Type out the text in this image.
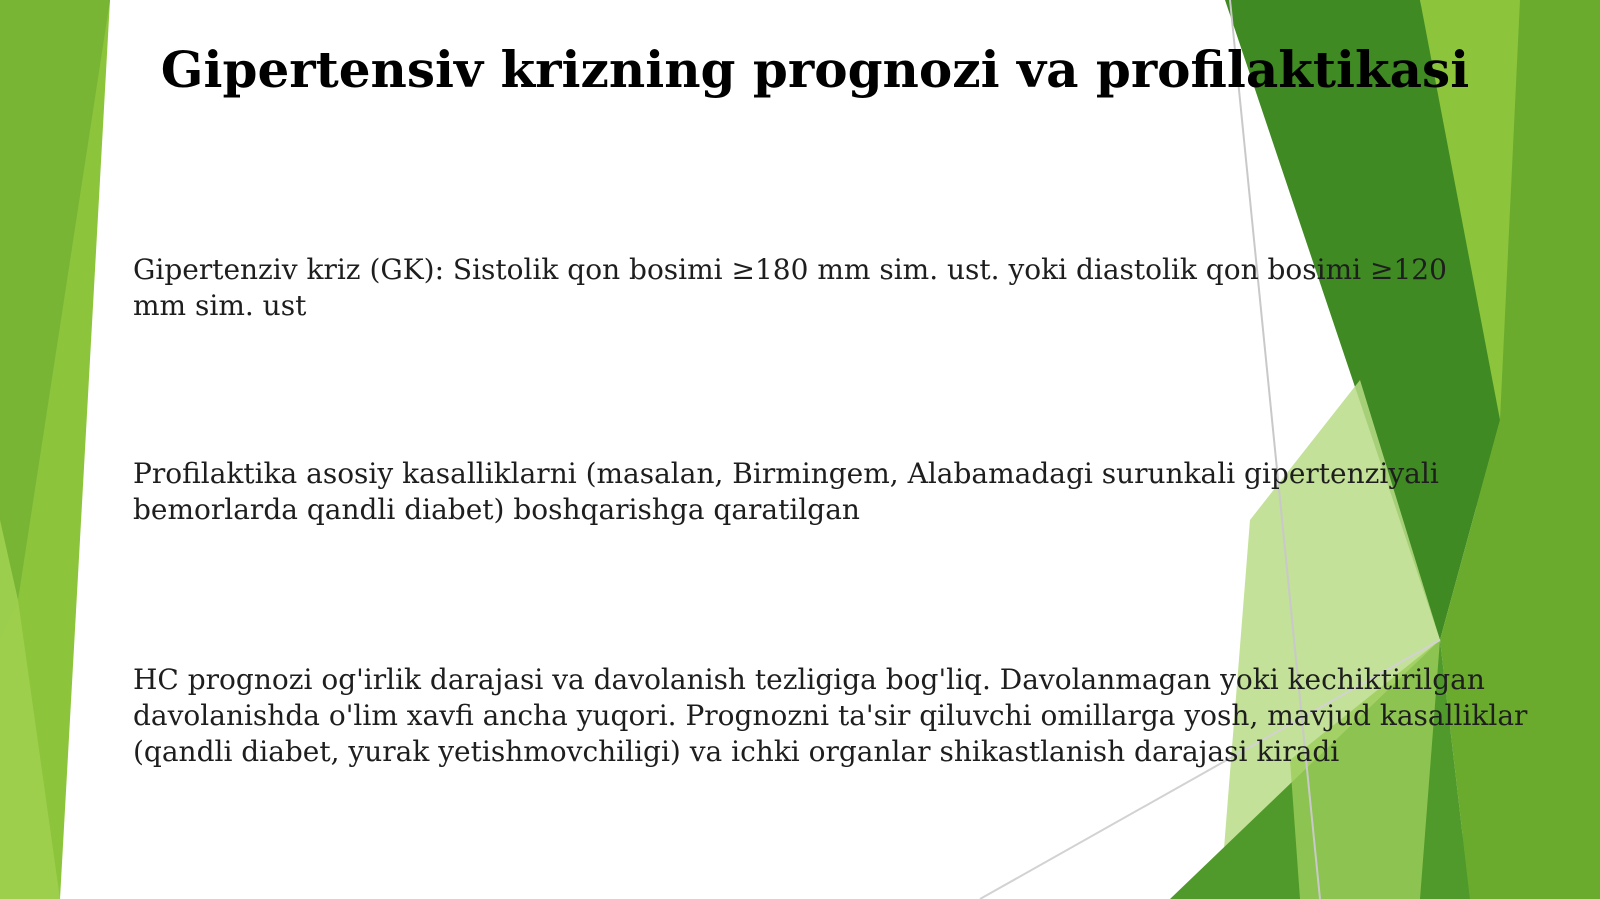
Gipertensiv krizning prognozi va profilaktikasi
Gipertenziv kriz (GK): Sistolik qon bosimi ≥180 mm sim. ust. yoki diastolik qon bosimi ≥120 mm sim. ust
Profilaktika asosiy kasalliklarni (masalan, Birmingem, Alabamadagi surunkali gipertenziyali bemorlarda qandli diabet) boshqarishga qaratilgan
HC prognozi og'irlik darajasi va davolanish tezligiga bog'liq. Davolanmagan yoki kechiktirilgan davolanishda o'lim xavfi ancha yuqori. Prognozni ta'sir qiluvchi omillarga yosh, mavjud kasalliklar (qandli diabet, yurak yetishmovchiligi) va ichki organlar shikastlanish darajasi kiradi
